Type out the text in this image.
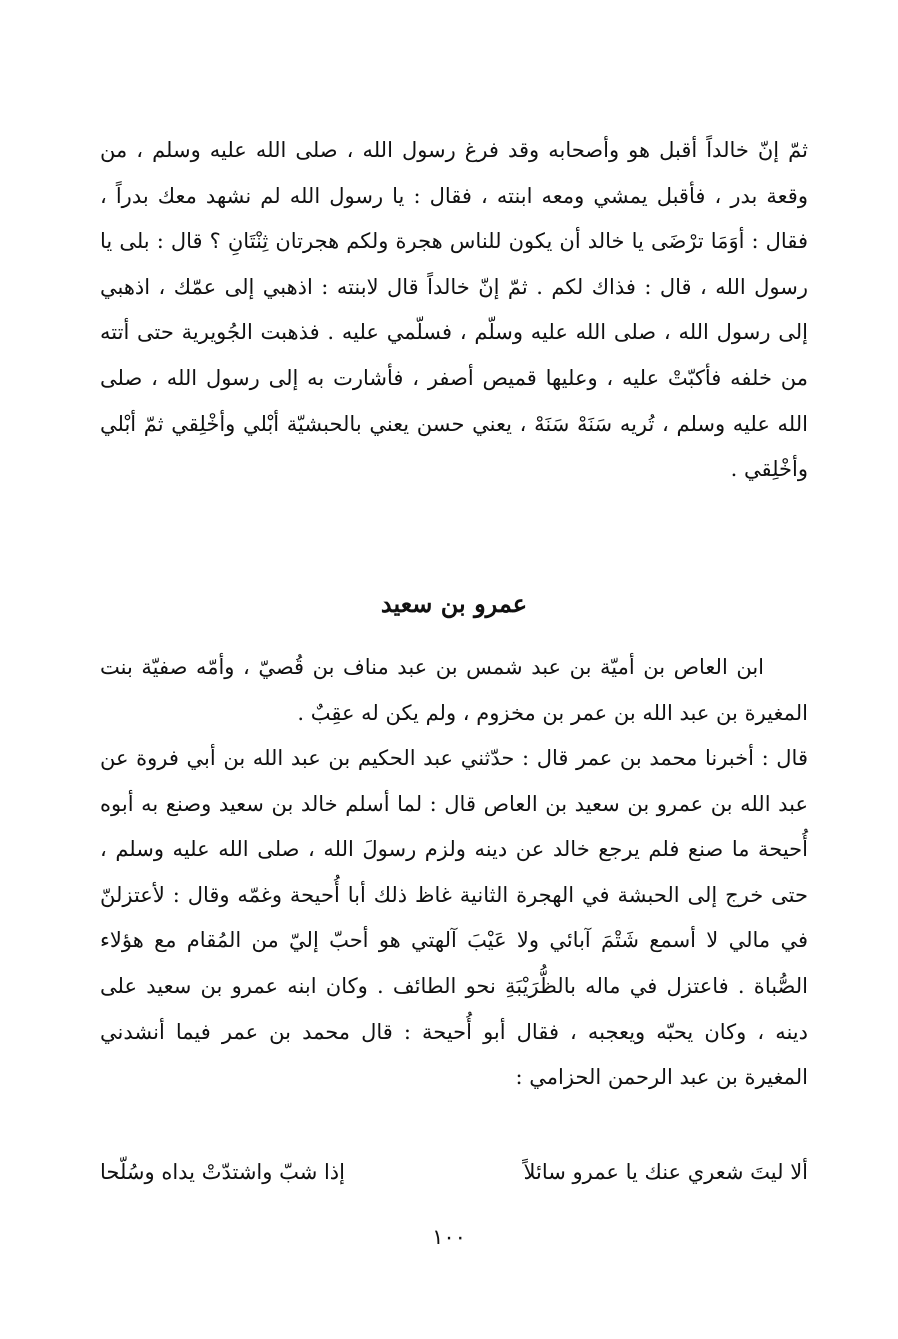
ثمّ إنّ خالداً أقبل هو وأصحابه وقد فرغ رسول الله ، صلى الله عليه وسلم ، من وقعة بدر ، فأقبل يمشي ومعه ابنته ، فقال : يا رسول الله لم نشهد معك بدراً ، فقال : أوَمَا ترْضَى يا خالد أن يكون للناس هجرة ولكم هجرتان ثِنْتَانِ ؟ قال : بلى يا رسول الله ، قال : فذاك لكم . ثمّ إنّ خالداً قال لابنته : اذهبي إلى عمّك ، اذهبي إلى رسول الله ، صلى الله عليه وسلّم ، فسلّمي عليه . فذهبت الجُويرية حتى أتته من خلفه فأكبّتْ عليه ، وعليها قميص أصفر ، فأشارت به إلى رسول الله ، صلى الله عليه وسلم ، تُريه سَنَهْ سَنَهْ ، يعني حسن يعني بالحبشيّة أبْلي وأخْلِقي ثمّ أبْلي وأخْلِقي .

عمرو بن سعيد

ابن العاص بن أميّة بن عبد شمس بن عبد مناف بن قُصيّ ، وأمّه صفيّة بنت المغيرة بن عبد الله بن عمر بن مخزوم ، ولم يكن له عقِبٌ .

قال : أخبرنا محمد بن عمر قال : حدّثني عبد الحكيم بن عبد الله بن أبي فروة عن عبد الله بن عمرو بن سعيد بن العاص قال : لما أسلم خالد بن سعيد وصنع به أبوه أُحيحة ما صنع فلم يرجع خالد عن دينه ولزم رسولَ الله ، صلى الله عليه وسلم ، حتى خرج إلى الحبشة في الهجرة الثانية غاظ ذلك أبا أُحيحة وغمّه وقال : لأعتزلنّ في مالي لا أسمع شَتْمَ آبائي ولا عَيْبَ آلهتي هو أحبّ إليّ من المُقام مع هؤلاء الصُّباة . فاعتزل في ماله بالظُّرَيْبَةِ نحو الطائف . وكان ابنه عمرو بن سعيد على دينه ، وكان يحبّه ويعجبه ، فقال أبو أُحيحة : قال محمد بن عمر فيما أنشدني المغيرة بن عبد الرحمن الحزامي :

ألا ليتَ شعري عنك يا عمرو سائلاً
إذا شبّ واشتدّتْ يداه وسُلّحا
١٠٠
